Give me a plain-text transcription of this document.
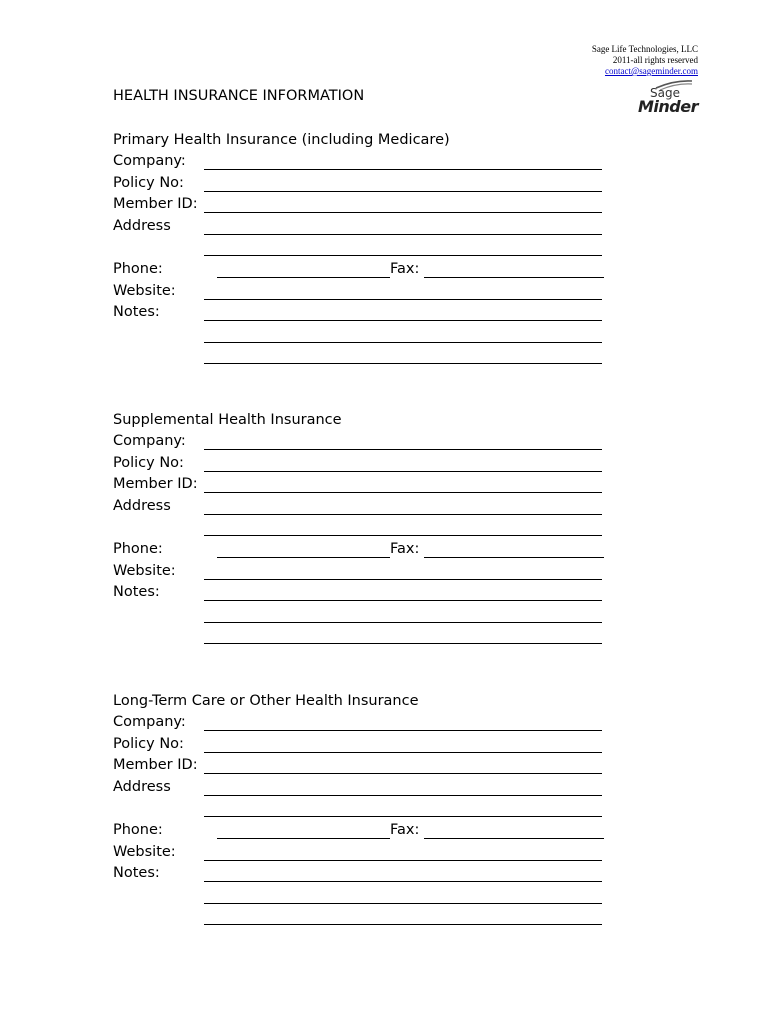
Sage Life Technologies, LLC
2011-all rights reserved
contact@sageminder.com
Sage
Minder
HEALTH INSURANCE INFORMATION
Primary Health Insurance (including Medicare)
Company:
Policy No:
Member ID:
Address
Phone:	Fax:
Website:
Notes:
Supplemental Health Insurance
Company:
Policy No:
Member ID:
Address
Phone:	Fax:
Website:
Notes:
Long-Term Care or Other Health Insurance
Company:
Policy No:
Member ID:
Address
Phone:	Fax:
Website:
Notes:
